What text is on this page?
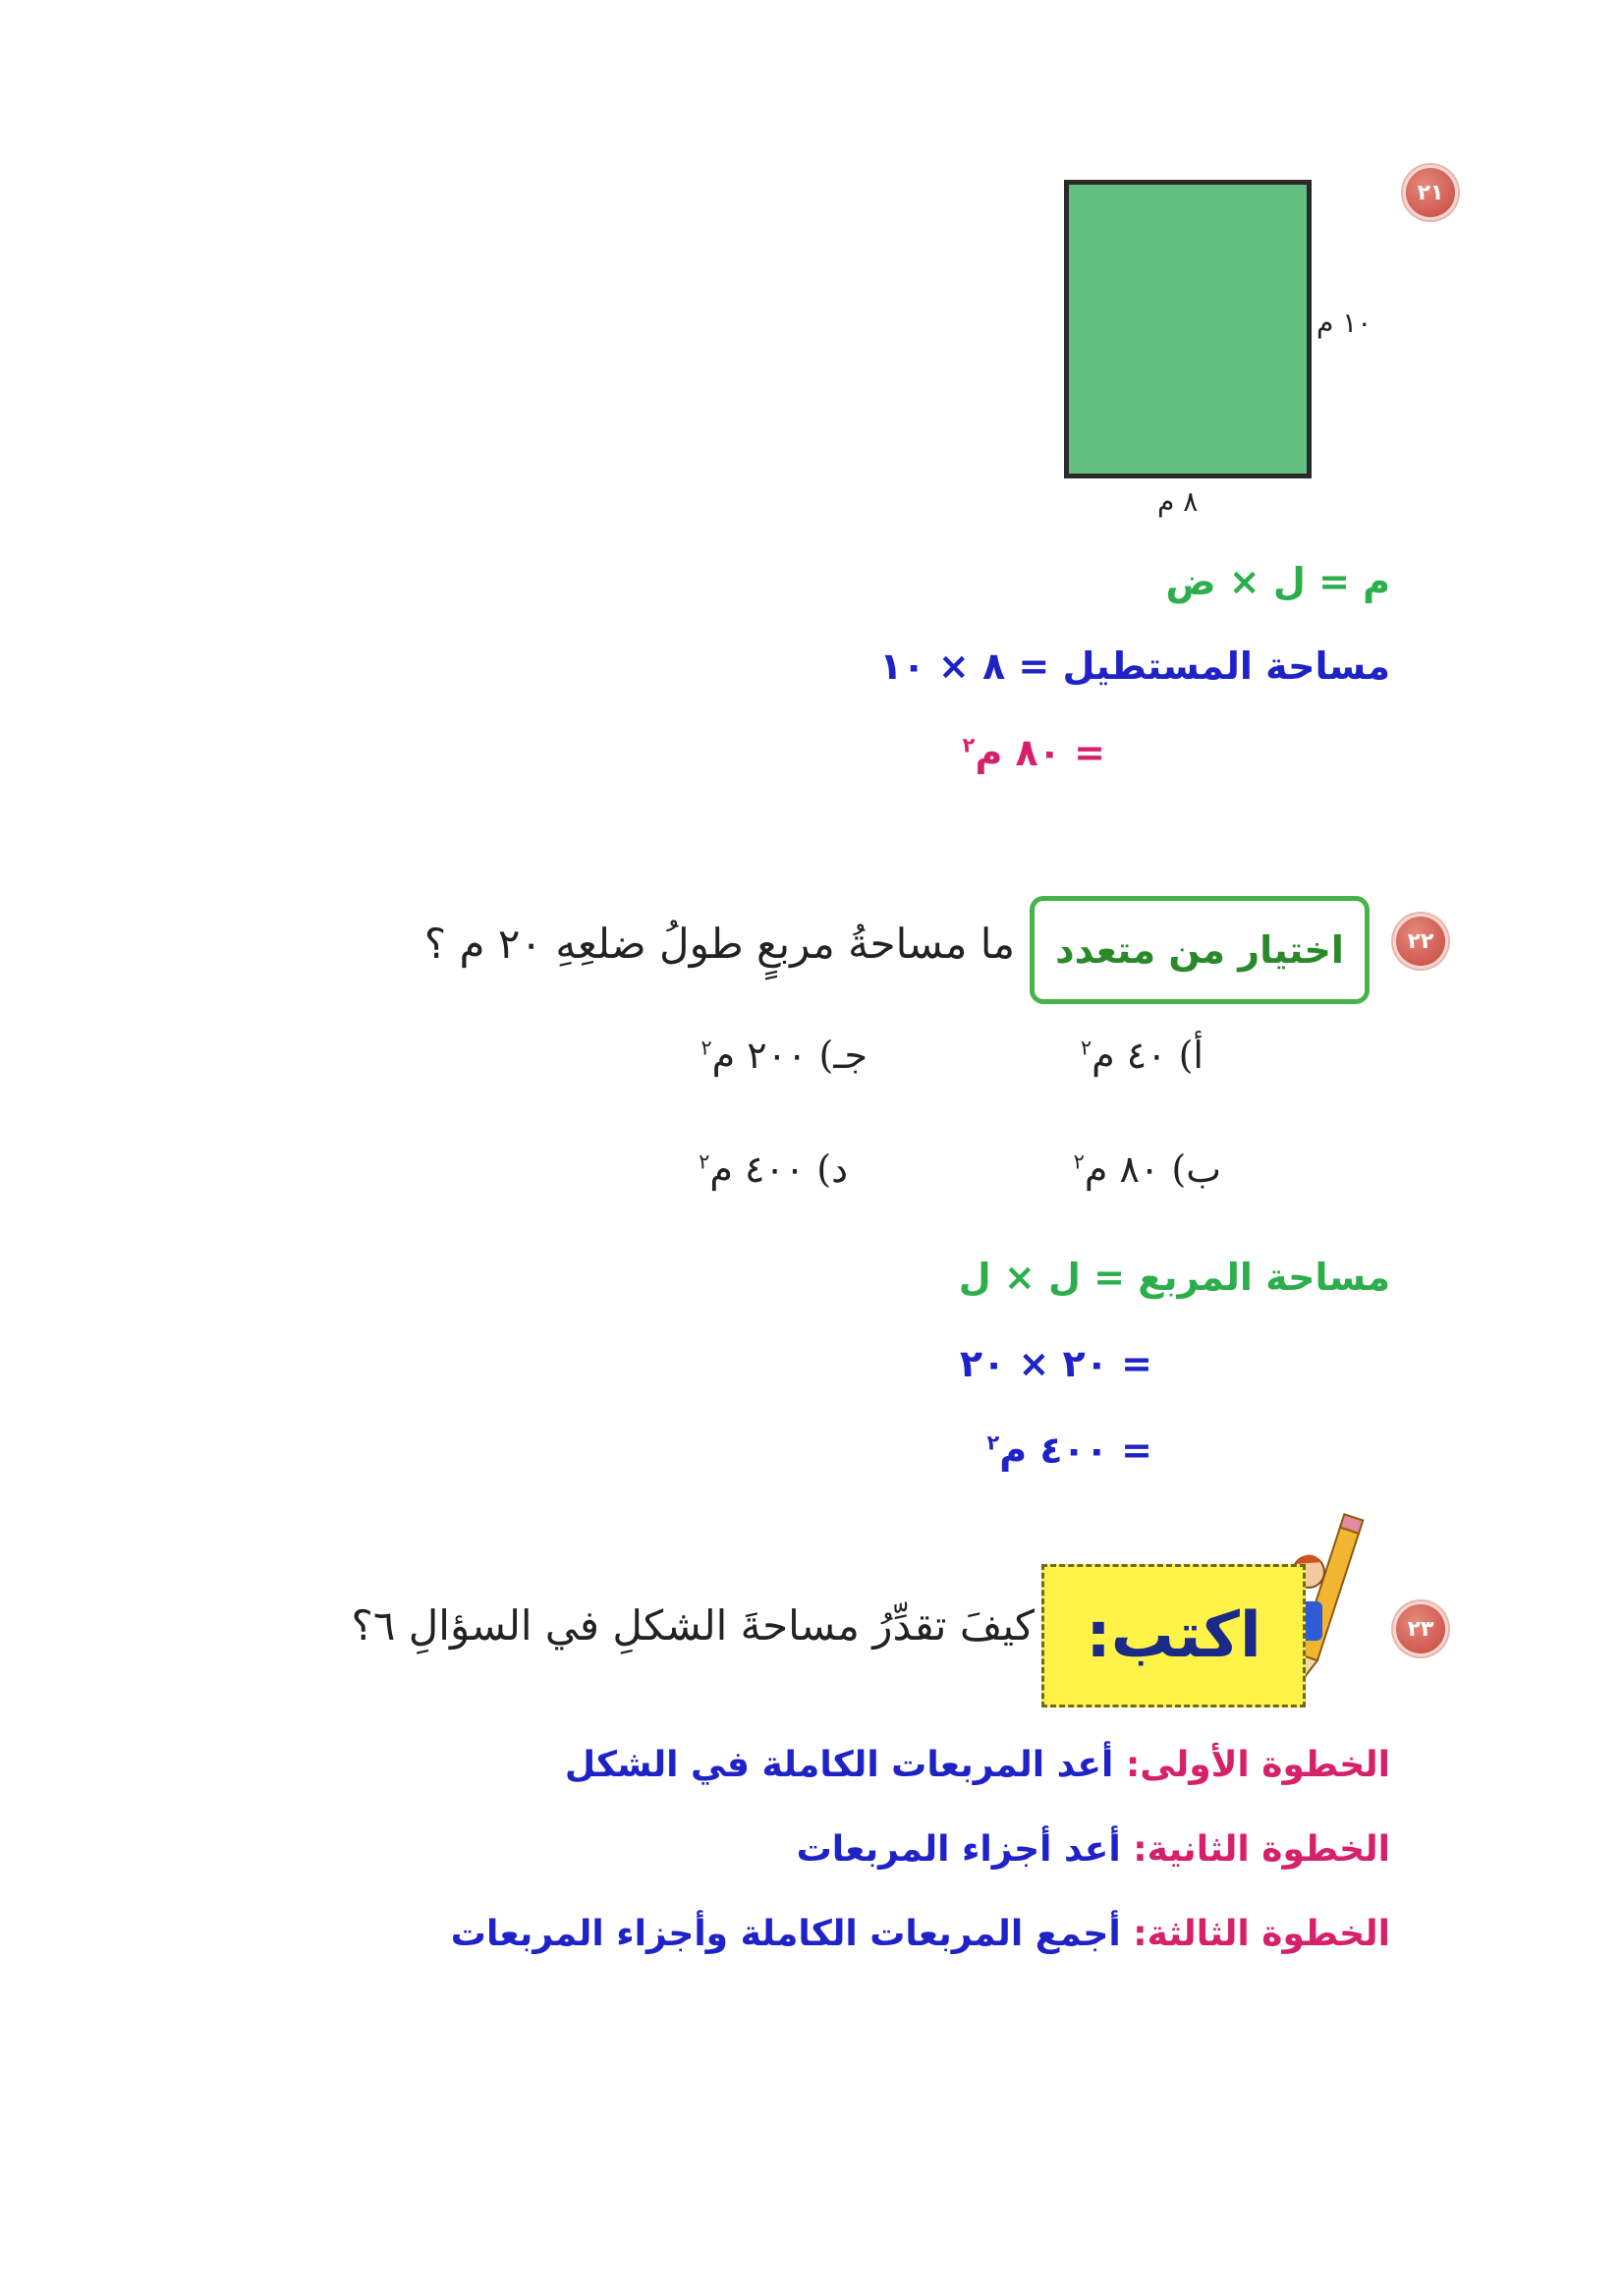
٢١
١٠ م
٨ م
م = ل × ض
مساحة المستطيل = ٨ × ١٠
= ٨٠ م$^٢$
٢٢
اختيار من متعدد
ما مساحةُ مربعٍ طولُ ضلعِهِ ٢٠ م ؟
أ) ٤٠ م$^٢$
جـ) ٢٠٠ م$^٢$
ب) ٨٠ م$^٢$
د) ٤٠٠ م$^٢$
مساحة المربع = ل × ل
= ٢٠ × ٢٠
= ٤٠٠ م$^٢$
٢٣
اكتب:
كيفَ تقدِّرُ مساحةَ الشكلِ في السؤالِ ٦؟
الخطوة الأولى: أعد المربعات الكاملة في الشكل
الخطوة الثانية: أعد أجزاء المربعات
الخطوة الثالثة: أجمع المربعات الكاملة وأجزاء المربعات
